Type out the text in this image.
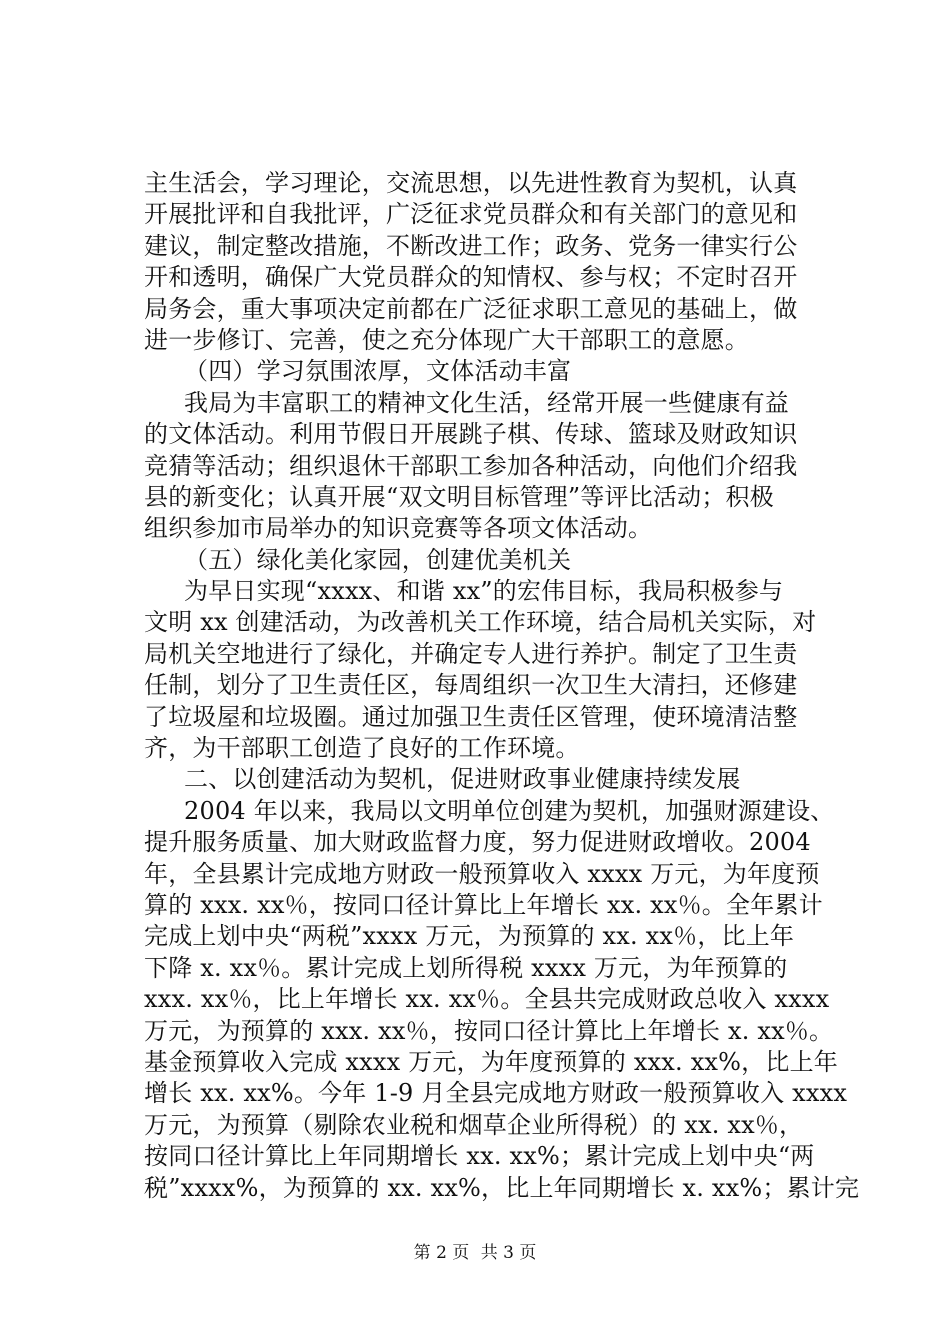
主生活会，学习理论，交流思想，以先进性教育为契机，认真
开展批评和自我批评，广泛征求党员群众和有关部门的意见和
建议，制定整改措施，不断改进工作；政务、党务一律实行公
开和透明，确保广大党员群众的知情权、参与权；不定时召开
局务会，重大事项决定前都在广泛征求职工意见的基础上，做
进一步修订、完善，使之充分体现广大干部职工的意愿。
（四）学习氛围浓厚，文体活动丰富
我局为丰富职工的精神文化生活，经常开展一些健康有益
的文体活动。利用节假日开展跳子棋、传球、篮球及财政知识
竞猜等活动；组织退休干部职工参加各种活动，向他们介绍我
县的新变化；认真开展“双文明目标管理”等评比活动；积极
组织参加市局举办的知识竞赛等各项文体活动。
（五）绿化美化家园，创建优美机关
为早日实现“xxxx、和谐 xx”的宏伟目标，我局积极参与
文明 xx 创建活动，为改善机关工作环境，结合局机关实际，对
局机关空地进行了绿化，并确定专人进行养护。制定了卫生责
任制，划分了卫生责任区，每周组织一次卫生大清扫，还修建
了垃圾屋和垃圾圈。通过加强卫生责任区管理，使环境清洁整
齐，为干部职工创造了良好的工作环境。
二、以创建活动为契机，促进财政事业健康持续发展
2004 年以来，我局以文明单位创建为契机，加强财源建设、
提升服务质量、加大财政监督力度，努力促进财政增收。2004
年，全县累计完成地方财政一般预算收入 xxxx 万元，为年度预
算的 xxx. xx％，按同口径计算比上年增长 xx. xx％。全年累计
完成上划中央“两税”xxxx 万元，为预算的 xx. xx％，比上年
下降 x. xx％。累计完成上划所得税 xxxx 万元，为年预算的
xxx. xx％，比上年增长 xx. xx％。全县共完成财政总收入 xxxx
万元，为预算的 xxx. xx％，按同口径计算比上年增长 x. xx％。
基金预算收入完成 xxxx 万元，为年度预算的 xxx. xx%，比上年
增长 xx. xx%。今年 1-9 月全县完成地方财政一般预算收入 xxxx
万元，为预算（剔除农业税和烟草企业所得税）的 xx. xx％，
按同口径计算比上年同期增长 xx. xx%；累计完成上划中央“两
税”xxxx%，为预算的 xx. xx%，比上年同期增长 x. xx%；累计完
第 2 页 共 3 页
